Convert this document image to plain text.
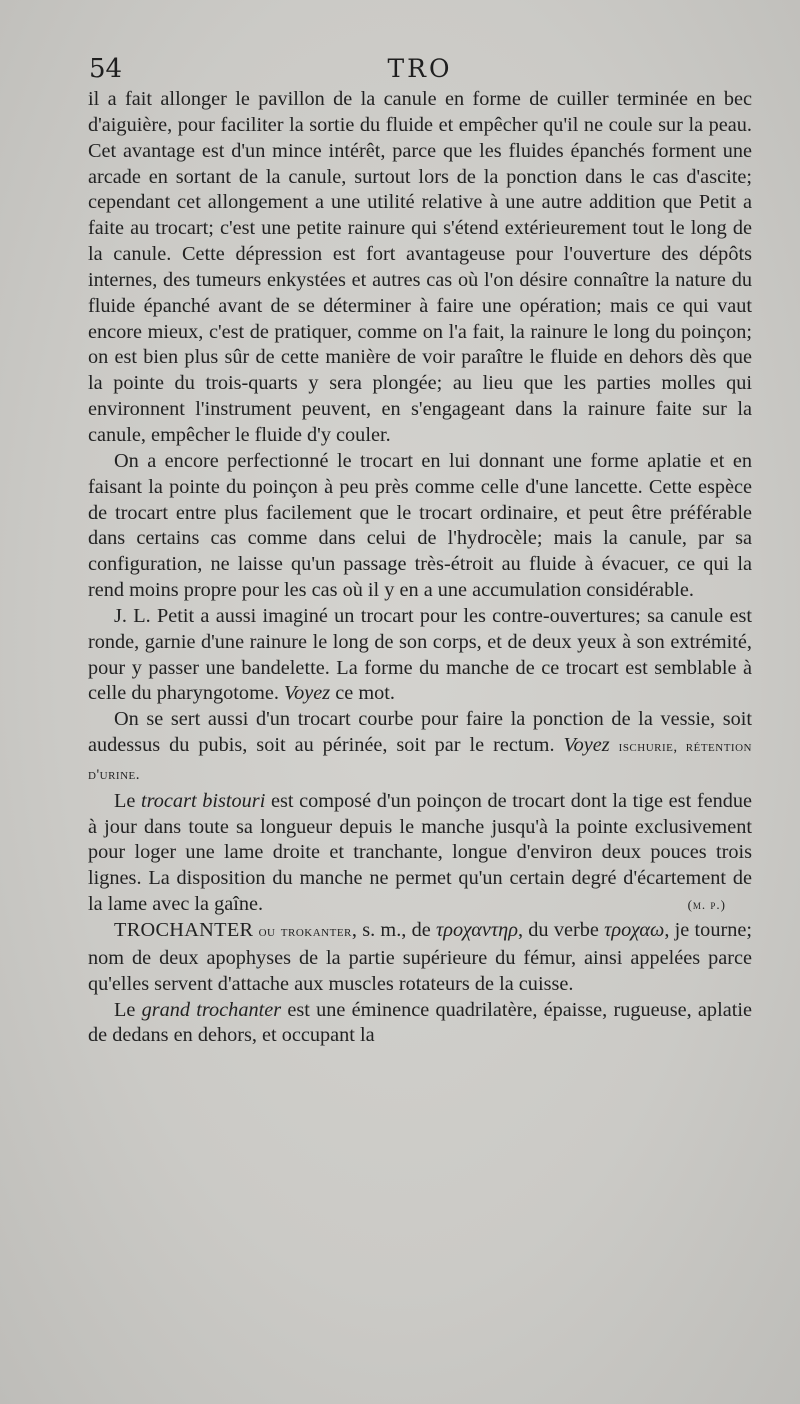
54	TRO

il a fait allonger le pavillon de la canule en forme de cuiller terminée en bec d'aiguière, pour faciliter la sortie du fluide et empêcher qu'il ne coule sur la peau. Cet avantage est d'un mince intérêt, parce que les fluides épanchés forment une arcade en sortant de la canule, surtout lors de la ponction dans le cas d'ascite; cependant cet allongement a une utilité relative à une autre addition que Petit a faite au trocart; c'est une petite rainure qui s'étend extérieurement tout le long de la canule. Cette dépression est fort avantageuse pour l'ouverture des dépôts internes, des tumeurs enkystées et autres cas où l'on désire connaître la nature du fluide épanché avant de se déterminer à faire une opération; mais ce qui vaut encore mieux, c'est de pratiquer, comme on l'a fait, la rainure le long du poinçon; on est bien plus sûr de cette manière de voir paraître le fluide en dehors dès que la pointe du trois-quarts y sera plongée; au lieu que les parties molles qui environnent l'instrument peuvent, en s'engageant dans la rainure faite sur la canule, empêcher le fluide d'y couler.

On a encore perfectionné le trocart en lui donnant une forme aplatie et en faisant la pointe du poinçon à peu près comme celle d'une lancette. Cette espèce de trocart entre plus facilement que le trocart ordinaire, et peut être préférable dans certains cas comme dans celui de l'hydrocèle; mais la canule, par sa configuration, ne laisse qu'un passage très-étroit au fluide à évacuer, ce qui la rend moins propre pour les cas où il y en a une accumulation considérable.

J. L. Petit a aussi imaginé un trocart pour les contre-ouvertures; sa canule est ronde, garnie d'une rainure le long de son corps, et de deux yeux à son extrémité, pour y passer une bandelette. La forme du manche de ce trocart est semblable à celle du pharyngotome. Voyez ce mot.

On se sert aussi d'un trocart courbe pour faire la ponction de la vessie, soit audessus du pubis, soit au périnée, soit par le rectum. Voyez ischurie, rétention d'urine.

Le trocart bistouri est composé d'un poinçon de trocart dont la tige est fendue à jour dans toute sa longueur depuis le manche jusqu'à la pointe exclusivement pour loger une lame droite et tranchante, longue d'environ deux pouces trois lignes. La disposition du manche ne permet qu'un certain degré d'écartement de la lame avec la gaîne.	(m. p.)

TROCHANTER ou trokanter, s. m., de τροχαντηρ, du verbe τροχαω, je tourne; nom de deux apophyses de la partie supérieure du fémur, ainsi appelées parce qu'elles servent d'attache aux muscles rotateurs de la cuisse.

Le grand trochanter est une éminence quadrilatère, épaisse, rugueuse, aplatie de dedans en dehors, et occupant la
